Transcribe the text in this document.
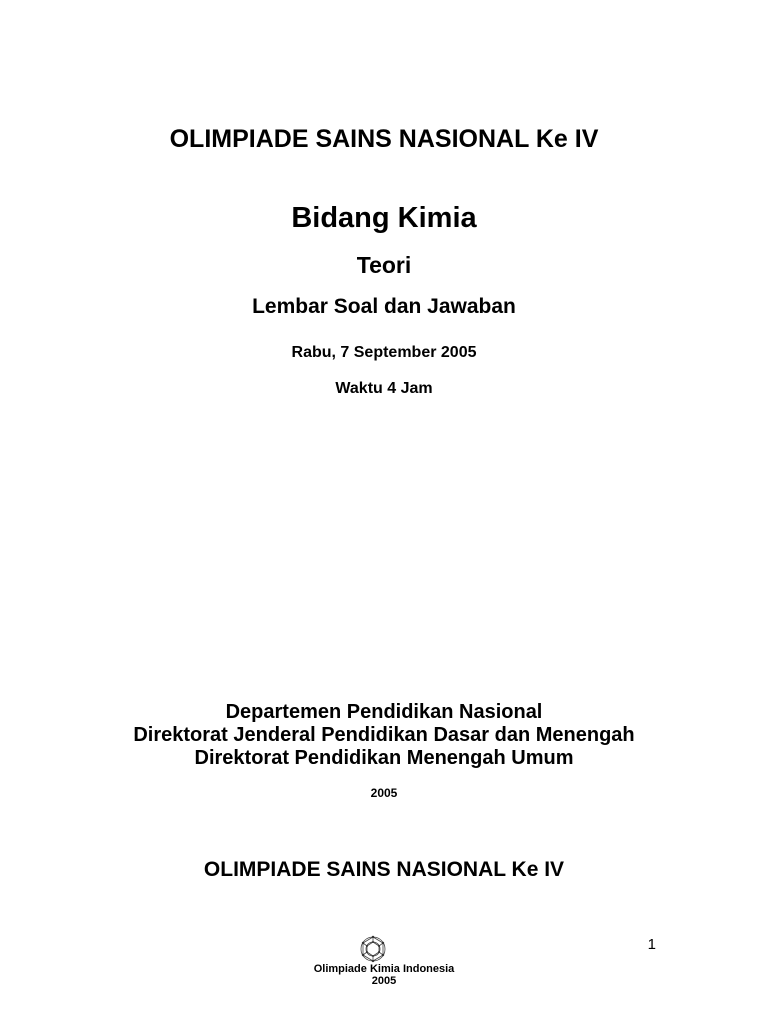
OLIMPIADE SAINS NASIONAL Ke IV
Bidang Kimia
Teori
Lembar Soal dan Jawaban
Rabu, 7 September 2005
Waktu 4 Jam
Departemen Pendidikan Nasional
Direktorat Jenderal Pendidikan Dasar dan Menengah
Direktorat Pendidikan Menengah Umum
2005
OLIMPIADE SAINS NASIONAL Ke IV
1
Olimpiade Kimia Indonesia
2005
